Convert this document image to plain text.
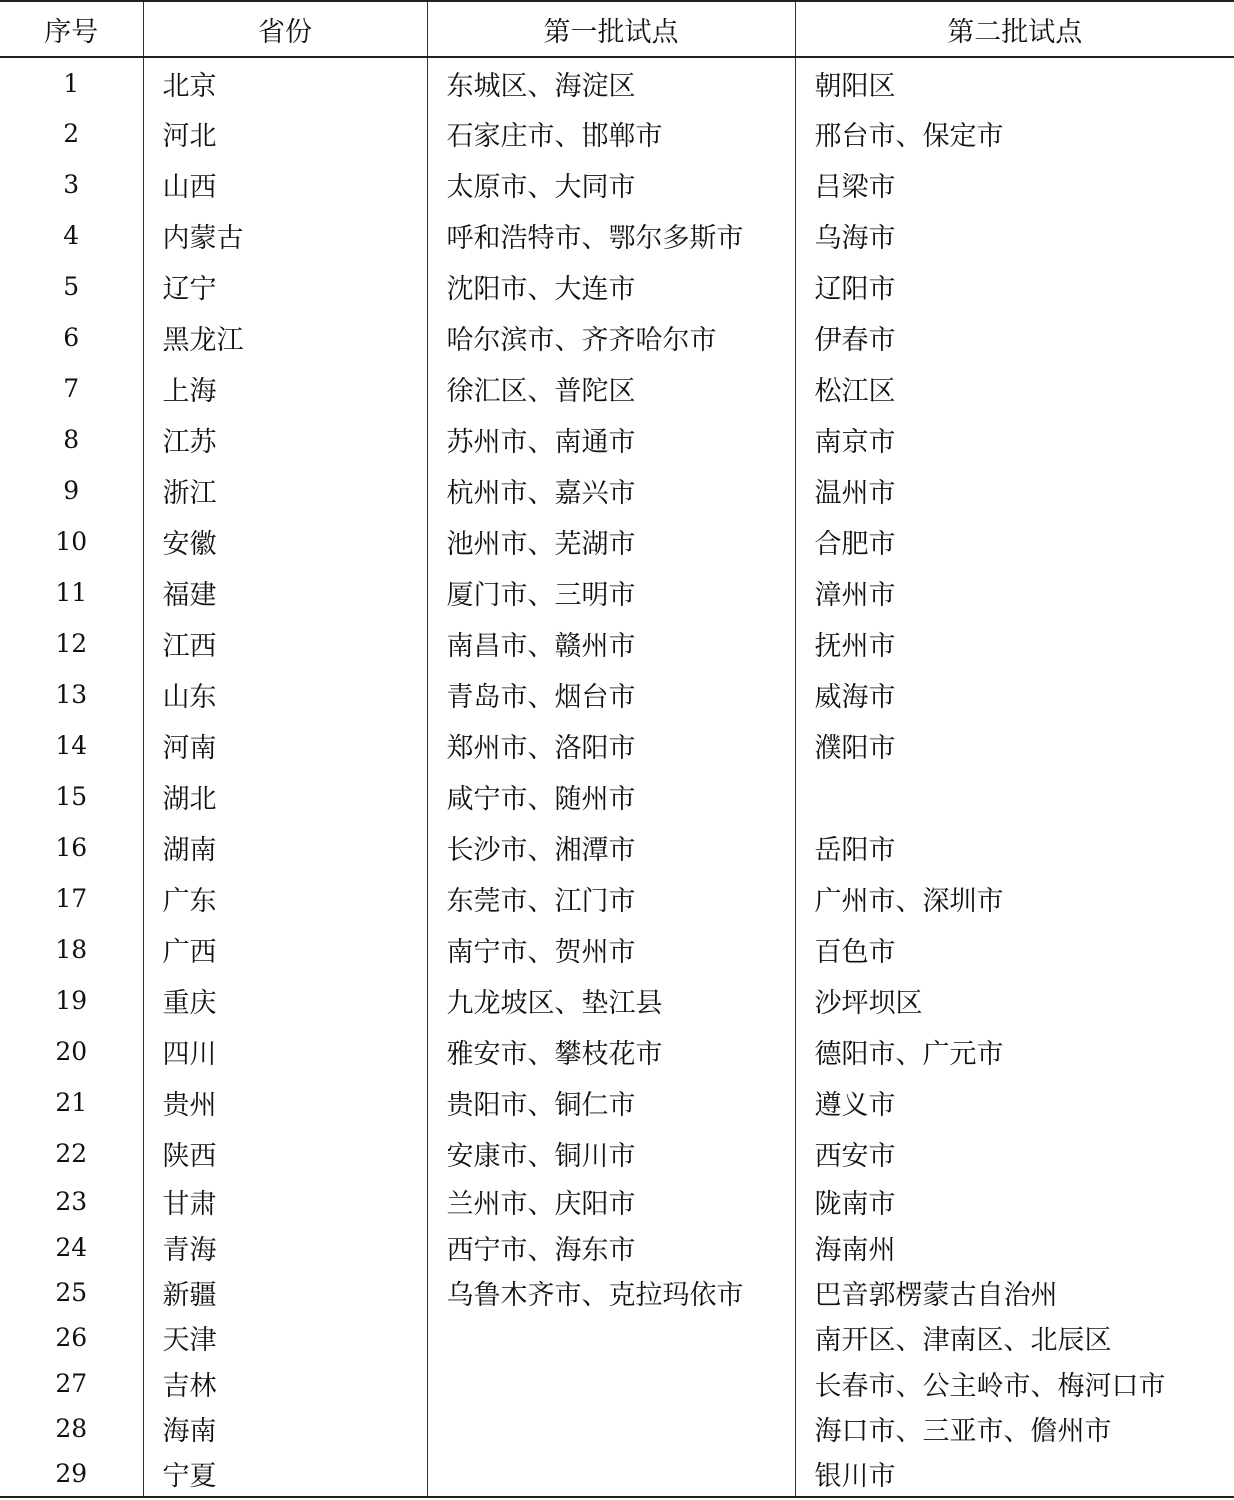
序号	省份	第一批试点	第二批试点
1	北京	东城区、海淀区	朝阳区
2	河北	石家庄市、邯郸市	邢台市、保定市
3	山西	太原市、大同市	吕梁市
4	内蒙古	呼和浩特市、鄂尔多斯市	乌海市
5	辽宁	沈阳市、大连市	辽阳市
6	黑龙江	哈尔滨市、齐齐哈尔市	伊春市
7	上海	徐汇区、普陀区	松江区
8	江苏	苏州市、南通市	南京市
9	浙江	杭州市、嘉兴市	温州市
10	安徽	池州市、芜湖市	合肥市
11	福建	厦门市、三明市	漳州市
12	江西	南昌市、赣州市	抚州市
13	山东	青岛市、烟台市	威海市
14	河南	郑州市、洛阳市	濮阳市
15	湖北	咸宁市、随州市	
16	湖南	长沙市、湘潭市	岳阳市
17	广东	东莞市、江门市	广州市、深圳市
18	广西	南宁市、贺州市	百色市
19	重庆	九龙坡区、垫江县	沙坪坝区
20	四川	雅安市、攀枝花市	德阳市、广元市
21	贵州	贵阳市、铜仁市	遵义市
22	陕西	安康市、铜川市	西安市
23	甘肃	兰州市、庆阳市	陇南市
24	青海	西宁市、海东市	海南州
25	新疆	乌鲁木齐市、克拉玛依市	巴音郭楞蒙古自治州
26	天津		南开区、津南区、北辰区
27	吉林		长春市、公主岭市、梅河口市
28	海南		海口市、三亚市、儋州市
29	宁夏		银川市
